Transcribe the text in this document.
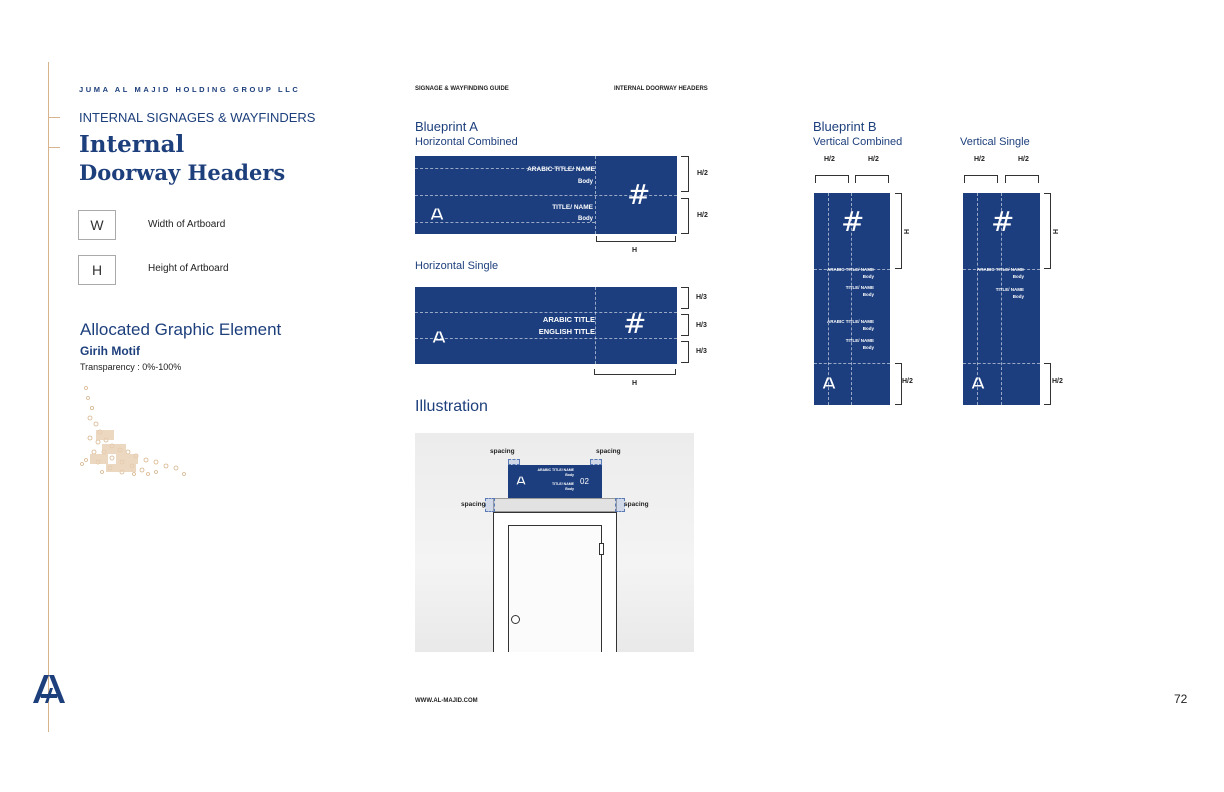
JUMA AL MAJID HOLDING GROUP LLC
INTERNAL SIGNAGES & WAYFINDERS
Internal
Doorway Headers
W	Width of Artboard
H	Height of Artboard
Allocated Graphic Element
Girih Motif
Transparency : 0%-100%
SIGNAGE & WAYFINDING GUIDE	INTERNAL DOORWAY HEADERS
Blueprint A
Horizontal Combined
ARABIC TITLE/ NAME
Body
TITLE/ NAME
Body
#
H/2
H/2
H
Horizontal Single
ARABIC TITLE
ENGLISH TITLE #
H/3
H/3
H/3
H
Illustration
ARABIC TITLE/ NAME
Body
TITLE/ NAME
Body
02
spacing	spacing
spacing	spacing
Blueprint B
Vertical Combined	Vertical Single
H/2	H/2
#
ARABIC TITLE/ NAME
Body
TITLE/ NAME
Body
ARABIC TITLE/ NAME
Body
TITLE/ NAME
Body
H
H/2
H/2	H/2
#
ARABIC TITLE/ NAME
Body
TITLE/ NAME
Body
H
H/2
WWW.AL-MAJID.COM	72
